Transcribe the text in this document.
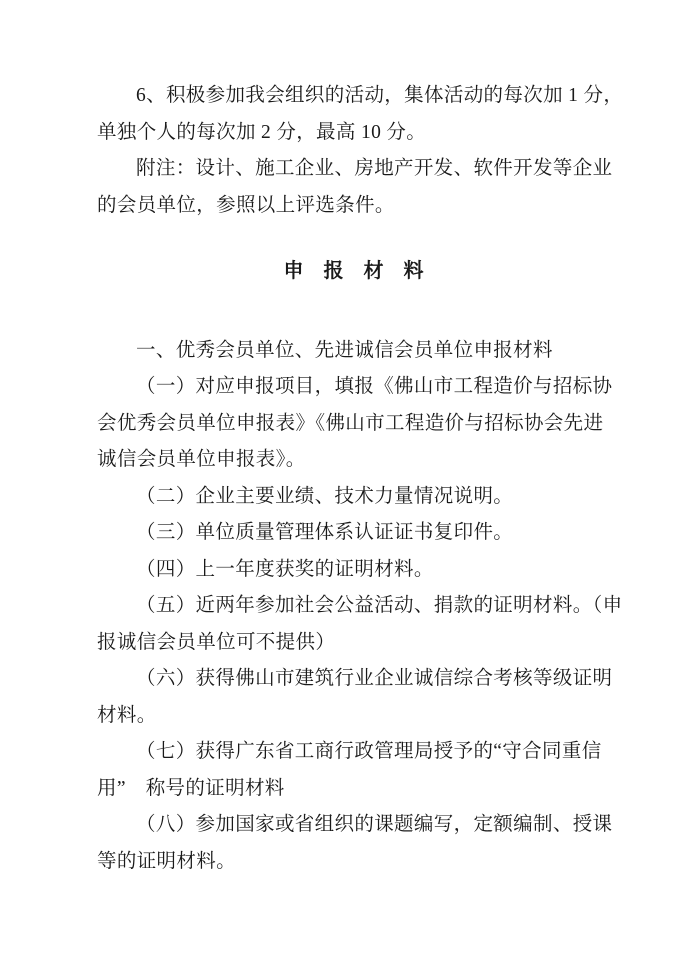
6、积极参加我会组织的活动，集体活动的每次加 1 分，
单独个人的每次加 2 分，最高 10 分。
附注：设计、施工企业、房地产开发、软件开发等企业
的会员单位，参照以上评选条件。
申 报 材 料
一、优秀会员单位、先进诚信会员单位申报材料
（一）对应申报项目，填报《佛山市工程造价与招标协
会优秀会员单位申报表》《佛山市工程造价与招标协会先进
诚信会员单位申报表》。
（二）企业主要业绩、技术力量情况说明。
（三）单位质量管理体系认证证书复印件。
（四）上一年度获奖的证明材料。
（五）近两年参加社会公益活动、捐款的证明材料。（申
报诚信会员单位可不提供）
（六）获得佛山市建筑行业企业诚信综合考核等级证明
材料。
（七）获得广东省工商行政管理局授予的“守合同重信
用”　称号的证明材料
（八）参加国家或省组织的课题编写，定额编制、授课
等的证明材料。
